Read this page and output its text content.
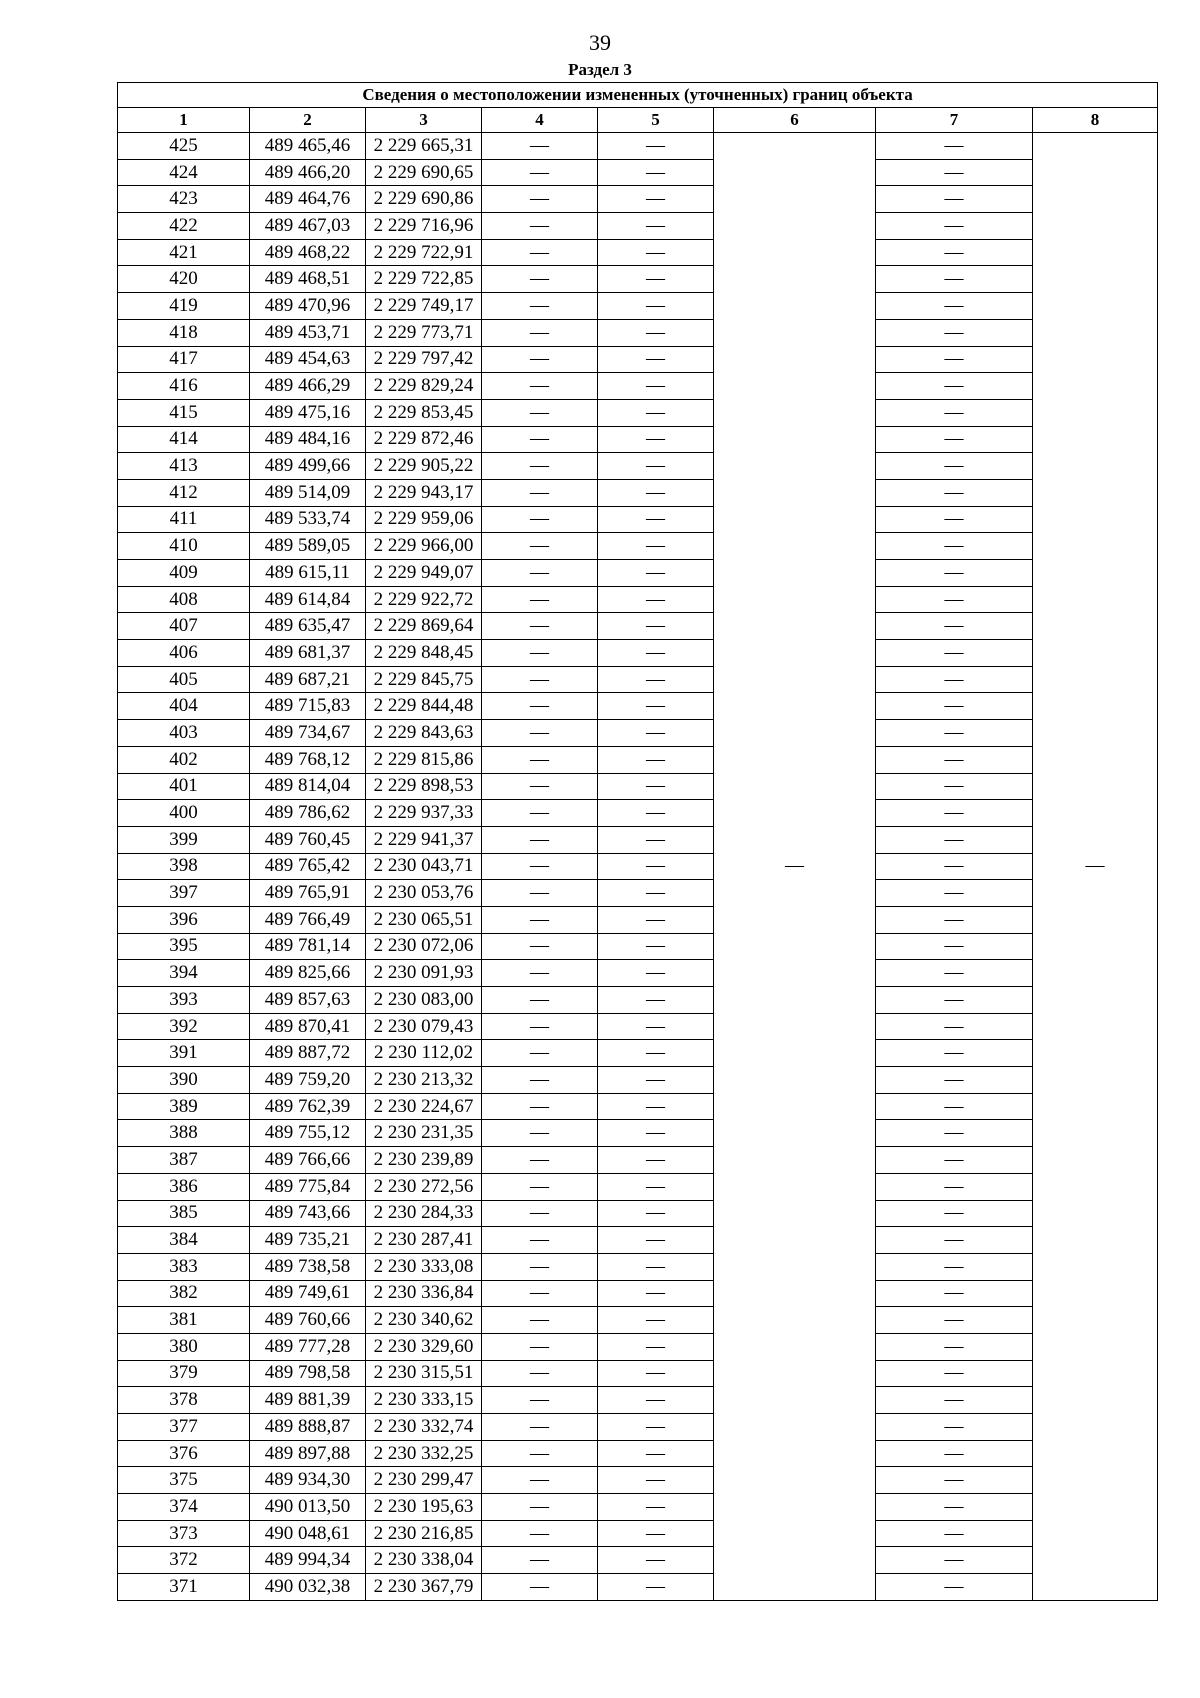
39
Раздел 3
Сведения о местоположении измененных (уточненных) границ объекта							
1	2	3	4	5	6	7	8
425	489 465,46	2 229 665,31	—	—	—	—	—
424	489 466,20	2 229 690,65	—	—		—	
423	489 464,76	2 229 690,86	—	—		—	
422	489 467,03	2 229 716,96	—	—		—	
421	489 468,22	2 229 722,91	—	—		—	
420	489 468,51	2 229 722,85	—	—		—	
419	489 470,96	2 229 749,17	—	—		—	
418	489 453,71	2 229 773,71	—	—		—	
417	489 454,63	2 229 797,42	—	—		—	
416	489 466,29	2 229 829,24	—	—		—	
415	489 475,16	2 229 853,45	—	—		—	
414	489 484,16	2 229 872,46	—	—		—	
413	489 499,66	2 229 905,22	—	—		—	
412	489 514,09	2 229 943,17	—	—		—	
411	489 533,74	2 229 959,06	—	—		—	
410	489 589,05	2 229 966,00	—	—		—	
409	489 615,11	2 229 949,07	—	—		—	
408	489 614,84	2 229 922,72	—	—		—	
407	489 635,47	2 229 869,64	—	—		—	
406	489 681,37	2 229 848,45	—	—		—	
405	489 687,21	2 229 845,75	—	—		—	
404	489 715,83	2 229 844,48	—	—		—	
403	489 734,67	2 229 843,63	—	—		—	
402	489 768,12	2 229 815,86	—	—		—	
401	489 814,04	2 229 898,53	—	—		—	
400	489 786,62	2 229 937,33	—	—		—	
399	489 760,45	2 229 941,37	—	—		—	
398	489 765,42	2 230 043,71	—	—		—	
397	489 765,91	2 230 053,76	—	—		—	
396	489 766,49	2 230 065,51	—	—		—	
395	489 781,14	2 230 072,06	—	—		—	
394	489 825,66	2 230 091,93	—	—		—	
393	489 857,63	2 230 083,00	—	—		—	
392	489 870,41	2 230 079,43	—	—		—	
391	489 887,72	2 230 112,02	—	—		—	
390	489 759,20	2 230 213,32	—	—		—	
389	489 762,39	2 230 224,67	—	—		—	
388	489 755,12	2 230 231,35	—	—		—	
387	489 766,66	2 230 239,89	—	—		—	
386	489 775,84	2 230 272,56	—	—		—	
385	489 743,66	2 230 284,33	—	—		—	
384	489 735,21	2 230 287,41	—	—		—	
383	489 738,58	2 230 333,08	—	—		—	
382	489 749,61	2 230 336,84	—	—		—	
381	489 760,66	2 230 340,62	—	—		—	
380	489 777,28	2 230 329,60	—	—		—	
379	489 798,58	2 230 315,51	—	—		—	
378	489 881,39	2 230 333,15	—	—		—	
377	489 888,87	2 230 332,74	—	—		—	
376	489 897,88	2 230 332,25	—	—		—	
375	489 934,30	2 230 299,47	—	—		—	
374	490 013,50	2 230 195,63	—	—		—	
373	490 048,61	2 230 216,85	—	—		—	
372	489 994,34	2 230 338,04	—	—		—	
371	490 032,38	2 230 367,79	—	—		—	
